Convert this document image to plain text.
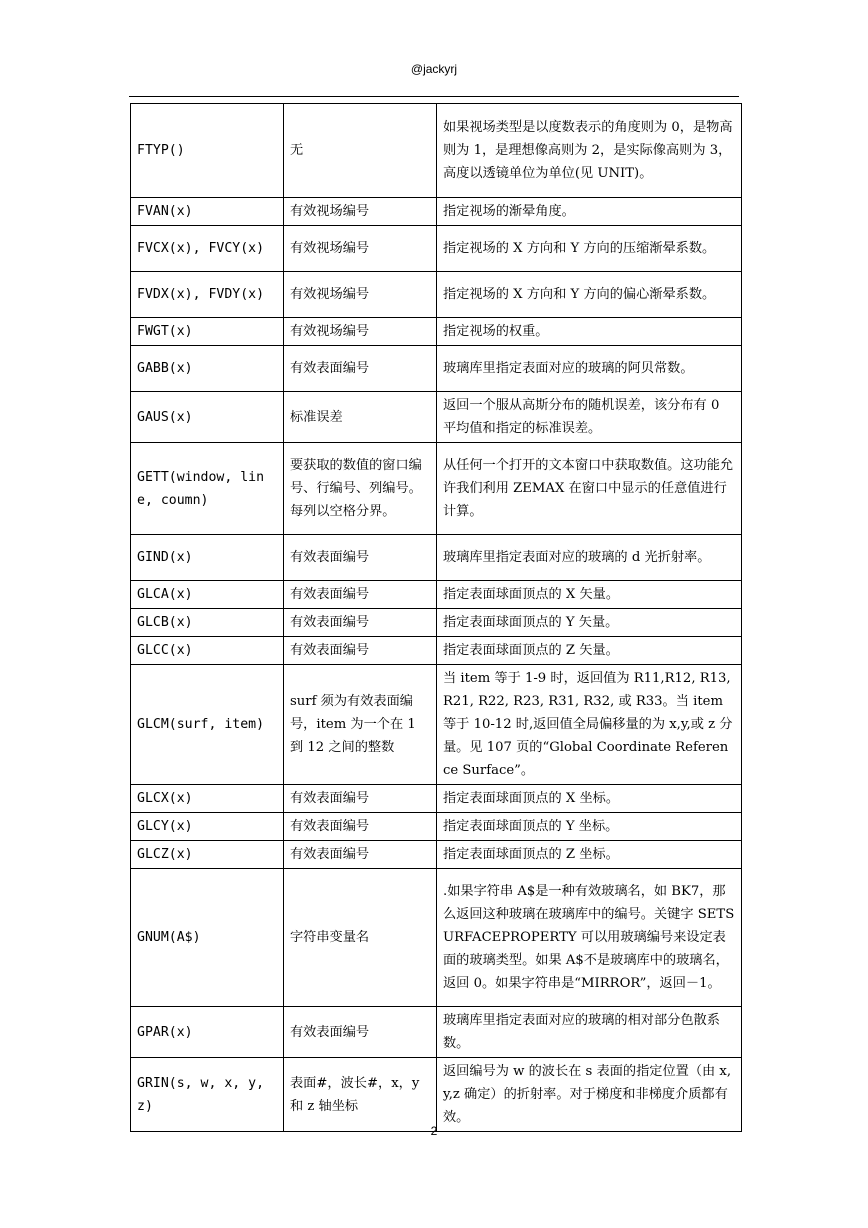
@jackyrj
FTYP()	无	如果视场类型是以度数表示的角度则为 0，是物高则为 1，是理想像高则为 2，是实际像高则为 3，高度以透镜单位为单位(见 UNIT)。
FVAN(x)	有效视场编号	指定视场的渐晕角度。
FVCX(x), FVCY(x)	有效视场编号	指定视场的 X 方向和 Y 方向的压缩渐晕系数。
FVDX(x), FVDY(x)	有效视场编号	指定视场的 X 方向和 Y 方向的偏心渐晕系数。
FWGT(x)	有效视场编号	指定视场的权重。
GABB(x)	有效表面编号	玻璃库里指定表面对应的玻璃的阿贝常数。
GAUS(x)	标准误差	返回一个服从高斯分布的随机误差，该分布有 0 平均值和指定的标准误差。
GETT(window, line, coumn)	要获取的数值的窗口编号、行编号、列编号。 每列以空格分界。	从任何一个打开的文本窗口中获取数值。这功能允许我们利用 ZEMAX 在窗口中显示的任意值进行计算。
GIND(x)	有效表面编号	玻璃库里指定表面对应的玻璃的 d 光折射率。
GLCA(x)	有效表面编号	指定表面球面顶点的 X 矢量。
GLCB(x)	有效表面编号	指定表面球面顶点的 Y 矢量。
GLCC(x)	有效表面编号	指定表面球面顶点的 Z 矢量。
GLCM(surf, item)	surf 须为有效表面编号，item 为一个在 1 到 12 之间的整数	当 item 等于 1-9 时，返回值为 R11,R12, R13, R21, R22, R23, R31, R32, 或 R33。当 item 等于 10-12 时,返回值全局偏移量的为 x,y,或 z 分量。见 107 页的“Global Coordinate Reference Surface”。
GLCX(x)	有效表面编号	指定表面球面顶点的 X 坐标。
GLCY(x)	有效表面编号	指定表面球面顶点的 Y 坐标。
GLCZ(x)	有效表面编号	指定表面球面顶点的 Z 坐标。
GNUM(A$)	字符串变量名	.如果字符串 A$是一种有效玻璃名，如 BK7，那么返回这种玻璃在玻璃库中的编号。关键字 SETSURFACEPROPERTY 可以用玻璃编号来设定表面的玻璃类型。如果 A$不是玻璃库中的玻璃名，返回 0。如果字符串是“MIRROR”，返回－1。
GPAR(x)	有效表面编号	玻璃库里指定表面对应的玻璃的相对部分色散系数。
GRIN(s, w, x, y, z)	表面#，波长#，x，y 和 z 轴坐标	返回编号为 w 的波长在 s 表面的指定位置（由 x,y,z 确定）的折射率。对于梯度和非梯度介质都有效。
2
